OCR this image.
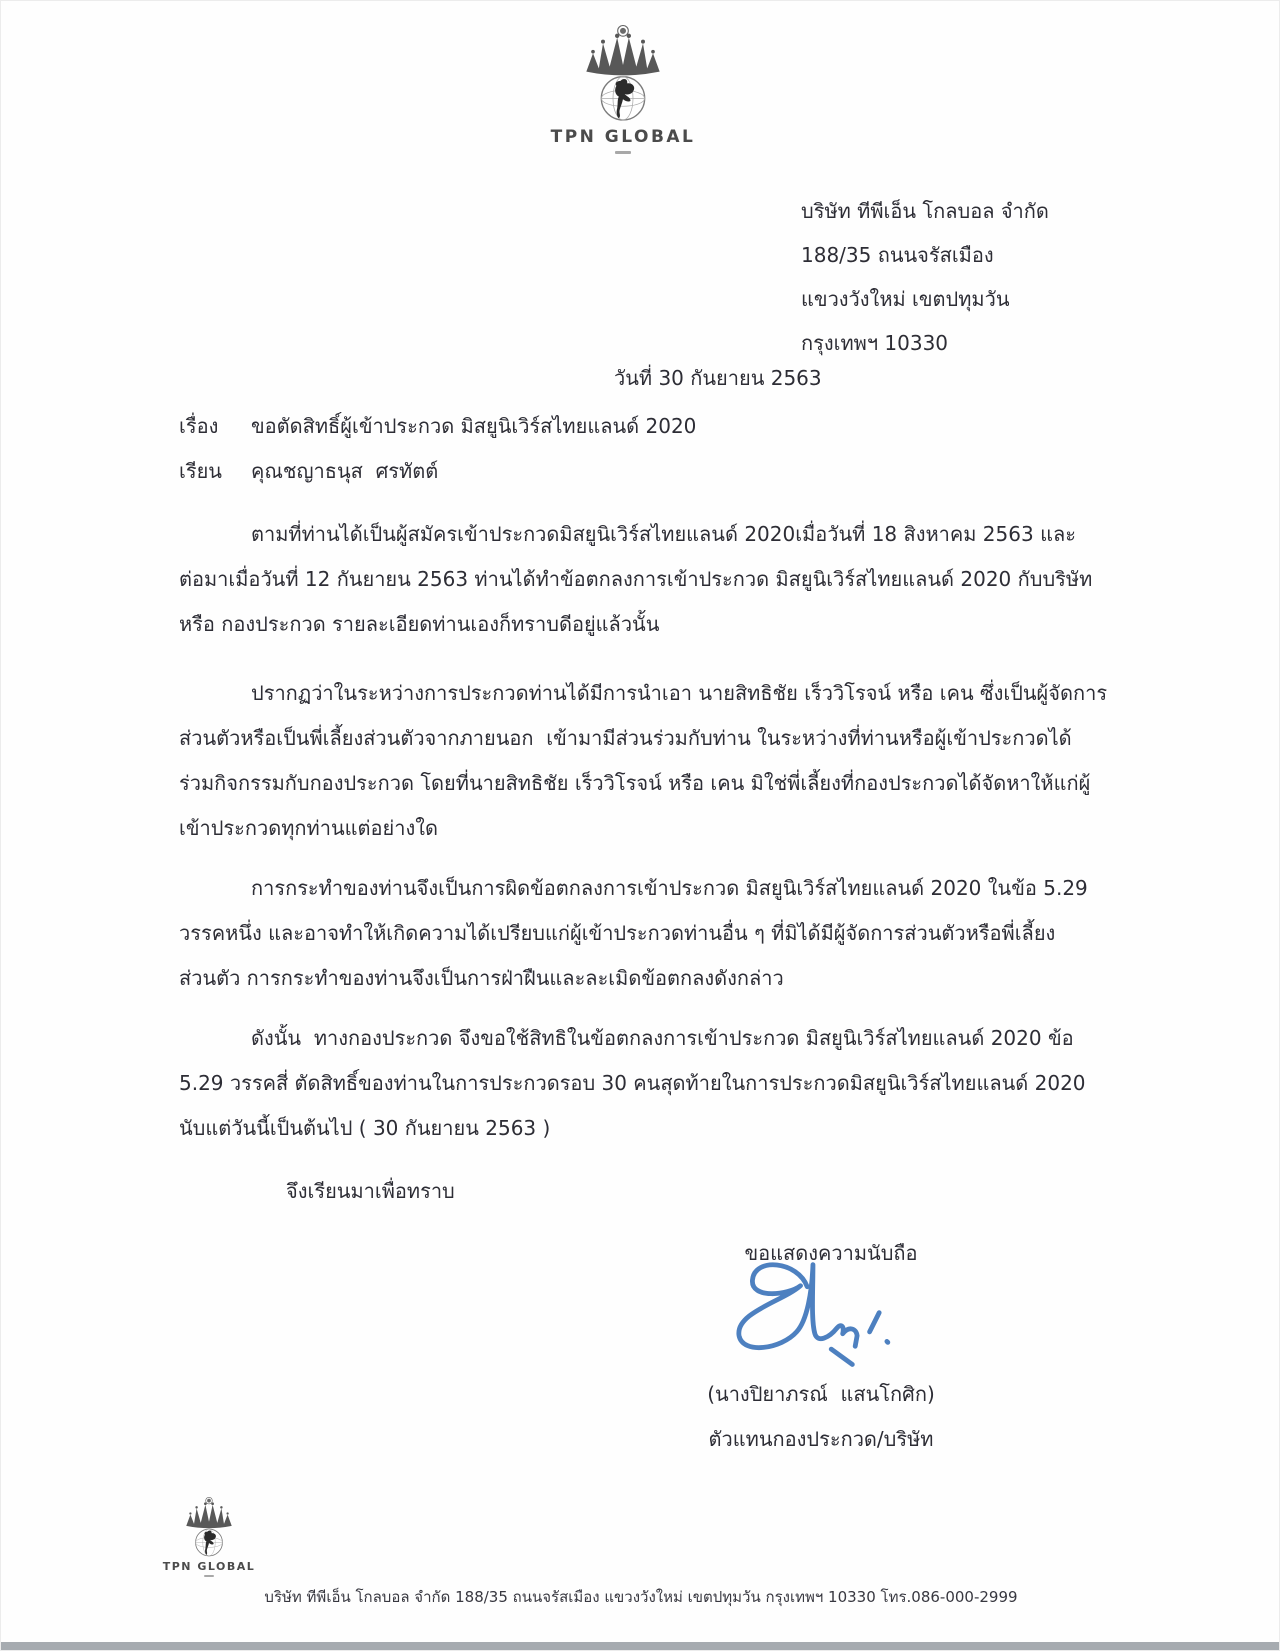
TPN GLOBAL
บริษัท ทีพีเอ็น โกลบอล จำกัด
188/35 ถนนจรัสเมือง
แขวงวังใหม่ เขตปทุมวัน
กรุงเทพฯ 10330
วันที่ 30 กันยายน 2563
เรื่อง	ขอตัดสิทธิ์ผู้เข้าประกวด มิสยูนิเวิร์สไทยแลนด์ 2020
เรียน	คุณชญาธนุส  ศรทัตต์
ตามที่ท่านได้เป็นผู้สมัครเข้าประกวดมิสยูนิเวิร์สไทยแลนด์ 2020เมื่อวันที่ 18 สิงหาคม 2563 และ
ต่อมาเมื่อวันที่ 12 กันยายน 2563 ท่านได้ทำข้อตกลงการเข้าประกวด มิสยูนิเวิร์สไทยแลนด์ 2020 กับบริษัท
หรือ กองประกวด รายละเอียดท่านเองก็ทราบดีอยู่แล้วนั้น
ปรากฏว่าในระหว่างการประกวดท่านได้มีการนำเอา นายสิทธิชัย เร็ววิโรจน์ หรือ เคน ซึ่งเป็นผู้จัดการ
ส่วนตัวหรือเป็นพี่เลี้ยงส่วนตัวจากภายนอก  เข้ามามีส่วนร่วมกับท่าน ในระหว่างที่ท่านหรือผู้เข้าประกวดได้
ร่วมกิจกรรมกับกองประกวด โดยที่นายสิทธิชัย เร็ววิโรจน์ หรือ เคน มิใช่พี่เลี้ยงที่กองประกวดได้จัดหาให้แก่ผู้
เข้าประกวดทุกท่านแต่อย่างใด
การกระทำของท่านจึงเป็นการผิดข้อตกลงการเข้าประกวด มิสยูนิเวิร์สไทยแลนด์ 2020 ในข้อ 5.29
วรรคหนึ่ง และอาจทำให้เกิดความได้เปรียบแก่ผู้เข้าประกวดท่านอื่น ๆ ที่มิได้มีผู้จัดการส่วนตัวหรือพี่เลี้ยง
ส่วนตัว การกระทำของท่านจึงเป็นการฝ่าฝืนและละเมิดข้อตกลงดังกล่าว
ดังนั้น  ทางกองประกวด จึงขอใช้สิทธิในข้อตกลงการเข้าประกวด มิสยูนิเวิร์สไทยแลนด์ 2020 ข้อ
5.29 วรรคสี่ ตัดสิทธิ์ของท่านในการประกวดรอบ 30 คนสุดท้ายในการประกวดมิสยูนิเวิร์สไทยแลนด์ 2020
นับแต่วันนี้เป็นต้นไป ( 30 กันยายน 2563 )
จึงเรียนมาเพื่อทราบ
ขอแสดงความนับถือ
(นางปิยาภรณ์  แสนโกศิก)
ตัวแทนกองประกวด/บริษัท
TPN GLOBAL
บริษัท ทีพีเอ็น โกลบอล จำกัด 188/35 ถนนจรัสเมือง แขวงวังใหม่ เขตปทุมวัน กรุงเทพฯ 10330 โทร.086-000-2999
